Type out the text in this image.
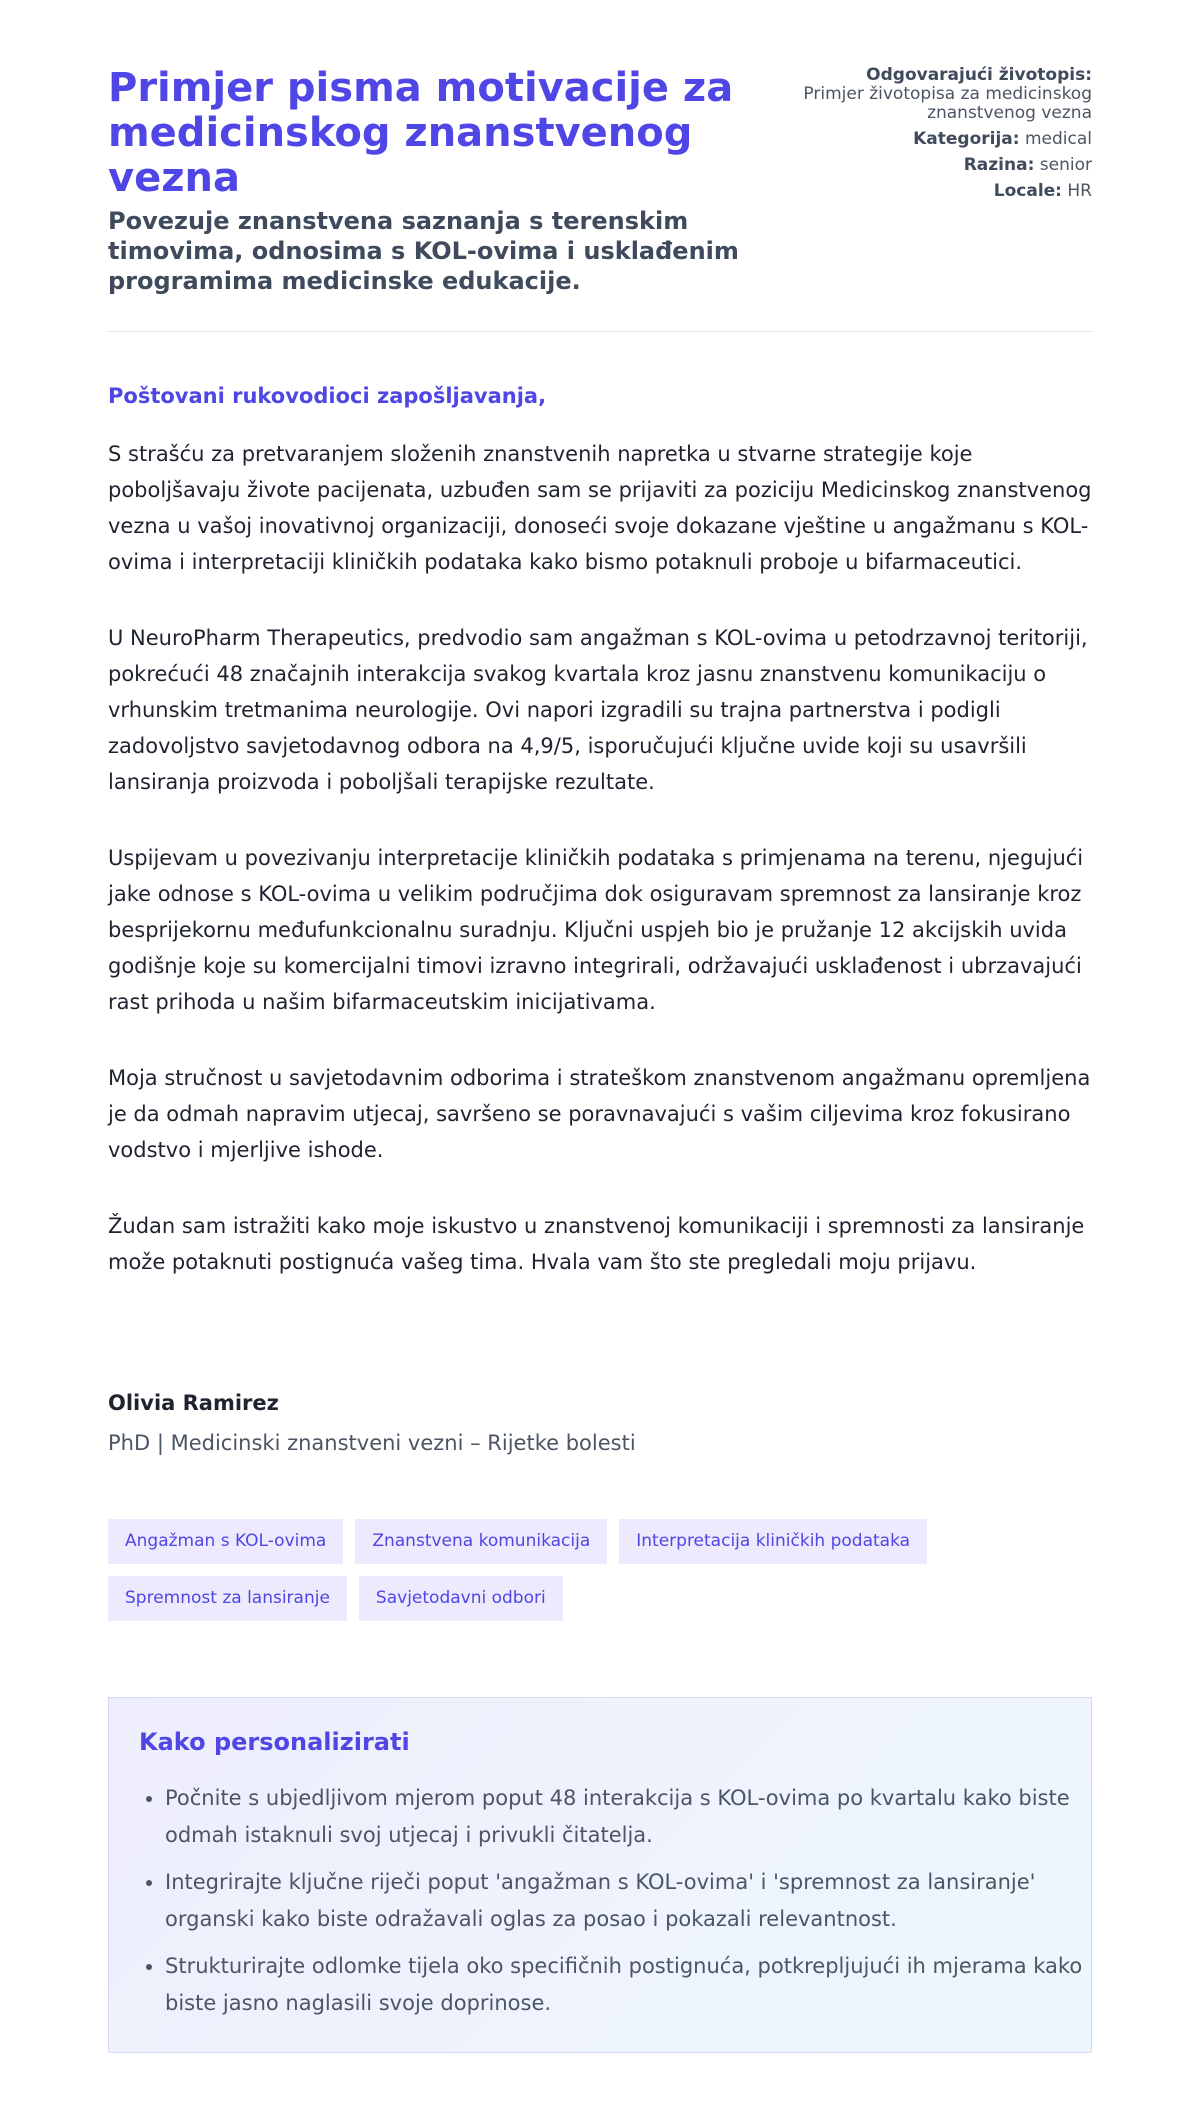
Primjer pisma motivacije za medicinskog znanstvenog vezna
Povezuje znanstvena saznanja s terenskim timovima, odnosima s KOL-ovima i usklađenim programima medicinske edukacije.
Odgovarajući životopis:
Primjer životopisa za medicinskog znanstvenog vezna
Kategorija: medical
Razina: senior
Locale: HR

Poštovani rukovodioci zapošljavanja,

S strašću za pretvaranjem složenih znanstvenih napretka u stvarne strategije koje poboljšavaju živote pacijenata, uzbuđen sam se prijaviti za poziciju Medicinskog znanstvenog vezna u vašoj inovativnoj organizaciji, donoseći svoje dokazane vještine u angažmanu s KOL-ovima i interpretaciji kliničkih podataka kako bismo potaknuli proboje u bifarmaceutici.

U NeuroPharm Therapeutics, predvodio sam angažman s KOL-ovima u petodrzavnoj teritoriji, pokrećući 48 značajnih interakcija svakog kvartala kroz jasnu znanstvenu komunikaciju o vrhunskim tretmanima neurologije. Ovi napori izgradili su trajna partnerstva i podigli zadovoljstvo savjetodavnog odbora na 4,9/5, isporučujući ključne uvide koji su usavršili lansiranja proizvoda i poboljšali terapijske rezultate.

Uspijevam u povezivanju interpretacije kliničkih podataka s primjenama na terenu, njegujući jake odnose s KOL-ovima u velikim područjima dok osiguravam spremnost za lansiranje kroz besprijekornu međufunkcionalnu suradnju. Ključni uspjeh bio je pružanje 12 akcijskih uvida godišnje koje su komercijalni timovi izravno integrirali, održavajući usklađenost i ubrzavajući rast prihoda u našim bifarmaceutskim inicijativama.

Moja stručnost u savjetodavnim odborima i strateškom znanstvenom angažmanu opremljena je da odmah napravim utjecaj, savršeno se poravnavajući s vašim ciljevima kroz fokusirano vodstvo i mjerljive ishode.

Žudan sam istražiti kako moje iskustvo u znanstvenoj komunikaciji i spremnosti za lansiranje može potaknuti postignuća vašeg tima. Hvala vam što ste pregledali moju prijavu.

Olivia Ramirez
PhD | Medicinski znanstveni vezni – Rijetke bolesti
Angažman s KOL-ovima	Znanstvena komunikacija	Interpretacija kliničkih podataka
Spremnost za lansiranje	Savjetodavni odbori
Kako personalizirati
• Počnite s ubjedljivom mjerom poput 48 interakcija s KOL-ovima po kvartalu kako biste odmah istaknuli svoj utjecaj i privukli čitatelja.
• Integrirajte ključne riječi poput 'angažman s KOL-ovima' i 'spremnost za lansiranje' organski kako biste odražavali oglas za posao i pokazali relevantnost.
• Strukturirajte odlomke tijela oko specifičnih postignuća, potkrepljujući ih mjerama kako biste jasno naglasili svoje doprinose.
